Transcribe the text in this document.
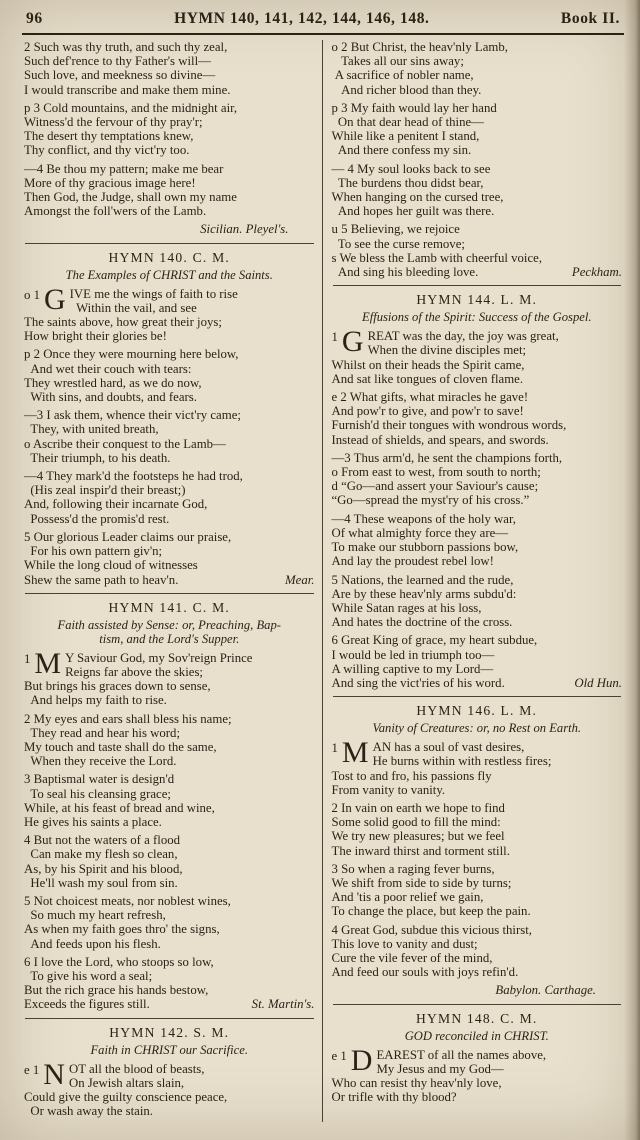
96	HYMN 140, 141, 142, 144, 146, 148.	Book II.
2 Such was thy truth, and such thy zeal,
Such def'rence to thy Father's will—
Such love, and meekness so divine—
I would transcribe and make them mine.
p 3 Cold mountains, and the midnight air,
Witness'd the fervour of thy pray'r;
The desert thy temptations knew,
Thy conflict, and thy vict'ry too.
—4 Be thou my pattern; make me bear
More of thy gracious image here!
Then God, the Judge, shall own my name
Amongst the foll'wers of the Lamb.
Sicilian. Pleyel's.
HYMN 140. C. M.
The Examples of CHRIST and the Saints.
o 1 G IVE me the wings of faith to rise
Within the vail, and see
The saints above, how great their joys;
How bright their glories be!
p 2 Once they were mourning here below,
And wet their couch with tears:
They wrestled hard, as we do now,
With sins, and doubts, and fears.
—3 I ask them, whence their vict'ry came;
They, with united breath,
o Ascribe their conquest to the Lamb—
Their triumph, to his death.
—4 They mark'd the footsteps he had trod,
(His zeal inspir'd their breast;)
And, following their incarnate God,
Possess'd the promis'd rest.
5 Our glorious Leader claims our praise,
For his own pattern giv'n;
While the long cloud of witnesses
Shew the same path to heav'n.	Mear.
HYMN 141. C. M.
Faith assisted by Sense: or, Preaching, Bap-
tism, and the Lord's Supper.
1 M Y Saviour God, my Sov'reign Prince
Reigns far above the skies;
But brings his graces down to sense,
And helps my faith to rise.
2 My eyes and ears shall bless his name;
They read and hear his word;
My touch and taste shall do the same,
When they receive the Lord.
3 Baptismal water is design'd
To seal his cleansing grace;
While, at his feast of bread and wine,
He gives his saints a place.
4 But not the waters of a flood
Can make my flesh so clean,
As, by his Spirit and his blood,
He'll wash my soul from sin.
5 Not choicest meats, nor noblest wines,
So much my heart refresh,
As when my faith goes thro' the signs,
And feeds upon his flesh.
6 I love the Lord, who stoops so low,
To give his word a seal;
But the rich grace his hands bestow,
Exceeds the figures still.	St. Martin's.
HYMN 142. S. M.
Faith in CHRIST our Sacrifice.
e 1 N OT all the blood of beasts,
On Jewish altars slain,
Could give the guilty conscience peace,
Or wash away the stain.
o 2 But Christ, the heav'nly Lamb,
Takes all our sins away;
A sacrifice of nobler name,
And richer blood than they.
p 3 My faith would lay her hand
On that dear head of thine—
While like a penitent I stand,
And there confess my sin.
— 4 My soul looks back to see
The burdens thou didst bear,
When hanging on the cursed tree,
And hopes her guilt was there.
u 5 Believing, we rejoice
To see the curse remove;
s We bless the Lamb with cheerful voice,
And sing his bleeding love.	Peckham.
HYMN 144. L. M.
Effusions of the Spirit: Success of the Gospel.
1 G REAT was the day, the joy was great,
When the divine disciples met;
Whilst on their heads the Spirit came,
And sat like tongues of cloven flame.
e 2 What gifts, what miracles he gave!
And pow'r to give, and pow'r to save!
Furnish'd their tongues with wondrous words,
Instead of shields, and spears, and swords.
—3 Thus arm'd, he sent the champions forth,
o From east to west, from south to north;
d “Go—and assert your Saviour's cause;
“Go—spread the myst'ry of his cross.”
—4 These weapons of the holy war,
Of what almighty force they are—
To make our stubborn passions bow,
And lay the proudest rebel low!
5 Nations, the learned and the rude,
Are by these heav'nly arms subdu'd:
While Satan rages at his loss,
And hates the doctrine of the cross.
6 Great King of grace, my heart subdue,
I would be led in triumph too—
A willing captive to my Lord—
And sing the vict'ries of his word.	Old Hun.
HYMN 146. L. M.
Vanity of Creatures: or, no Rest on Earth.
1 M AN has a soul of vast desires,
He burns within with restless fires;
Tost to and fro, his passions fly
From vanity to vanity.
2 In vain on earth we hope to find
Some solid good to fill the mind:
We try new pleasures; but we feel
The inward thirst and torment still.
3 So when a raging fever burns,
We shift from side to side by turns;
And 'tis a poor relief we gain,
To change the place, but keep the pain.
4 Great God, subdue this vicious thirst,
This love to vanity and dust;
Cure the vile fever of the mind,
And feed our souls with joys refin'd.
Babylon. Carthage.
HYMN 148. C. M.
GOD reconciled in CHRIST.
e 1 D EAREST of all the names above,
My Jesus and my God—
Who can resist thy heav'nly love,
Or trifle with thy blood?
